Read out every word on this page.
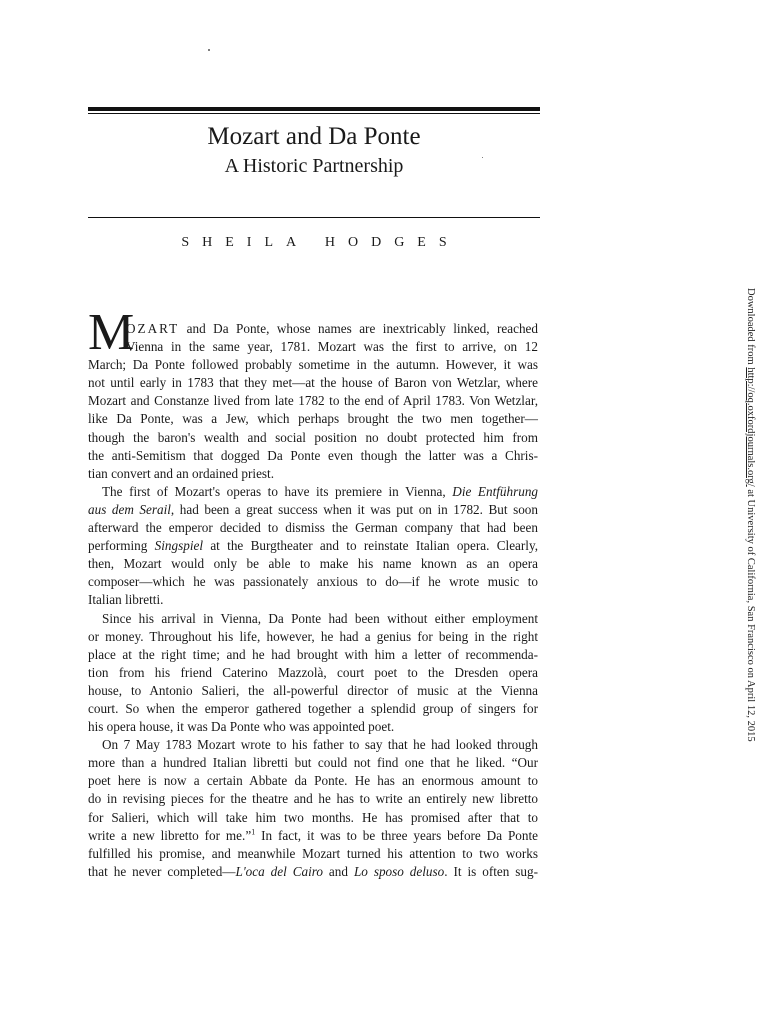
Mozart and Da Ponte
A Historic Partnership
SHEILA HODGES
M
OZART and Da Ponte, whose names are inextricably linked, reached
Vienna in the same year, 1781. Mozart was the first to arrive, on 12
March; Da Ponte followed probably sometime in the autumn. However, it was
not until early in 1783 that they met—at the house of Baron von Wetzlar, where
Mozart and Constanze lived from late 1782 to the end of April 1783. Von Wetzlar,
like Da Ponte, was a Jew, which perhaps brought the two men together—
though the baron's wealth and social position no doubt protected him from
the anti-Semitism that dogged Da Ponte even though the latter was a Chris-
tian convert and an ordained priest.
The first of Mozart's operas to have its premiere in Vienna, Die Entführung
aus dem Serail, had been a great success when it was put on in 1782. But soon
afterward the emperor decided to dismiss the German company that had been
performing Singspiel at the Burgtheater and to reinstate Italian opera. Clearly,
then, Mozart would only be able to make his name known as an opera
composer—which he was passionately anxious to do—if he wrote music to
Italian libretti.
Since his arrival in Vienna, Da Ponte had been without either employment
or money. Throughout his life, however, he had a genius for being in the right
place at the right time; and he had brought with him a letter of recommenda-
tion from his friend Caterino Mazzolà, court poet to the Dresden opera
house, to Antonio Salieri, the all-powerful director of music at the Vienna
court. So when the emperor gathered together a splendid group of singers for
his opera house, it was Da Ponte who was appointed poet.
On 7 May 1783 Mozart wrote to his father to say that he had looked through
more than a hundred Italian libretti but could not find one that he liked. “Our
poet here is now a certain Abbate da Ponte. He has an enormous amount to
do in revising pieces for the theatre and he has to write an entirely new libretto
for Salieri, which will take him two months. He has promised after that to
write a new libretto for me.”$^1$ In fact, it was to be three years before Da Ponte
fulfilled his promise, and meanwhile Mozart turned his attention to two works
that he never completed—L'oca del Cairo and Lo sposo deluso. It is often sug-
Downloaded from http://oq.oxfordjournals.org/ at University of California, San Francisco on April 12, 2015
